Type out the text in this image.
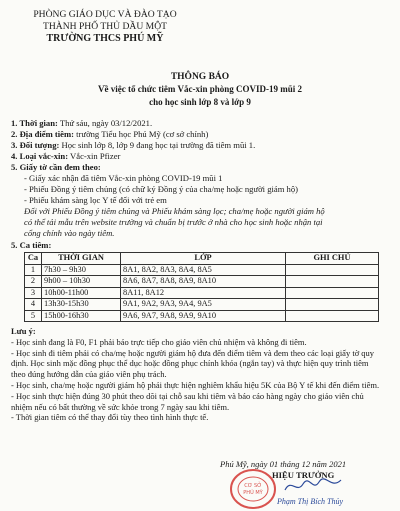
PHÒNG GIÁO DỤC VÀ ĐÀO TẠO
THÀNH PHỐ THỦ DẦU MỘT
TRƯỜNG THCS PHÚ MỸ
THÔNG BÁO
Về việc tổ chức tiêm Vắc-xin phòng COVID-19 mũi 2
cho học sinh lớp 8 và lớp 9
1. Thời gian: Thứ sáu, ngày 03/12/2021.
2. Địa điểm tiêm: trường Tiểu học Phú Mỹ (cơ sở chính)
3. Đối tượng: Học sinh lớp 8, lớp 9 đang học tại trường đã tiêm mũi 1.
4. Loại vắc-xin: Vắc-xin Pfizer
5. Giấy tờ cần đem theo:
- Giấy xác nhận đã tiêm Vắc-xin phòng COVID-19 mũi 1
- Phiếu Đồng ý tiêm chủng (có chữ ký Đồng ý của cha/mẹ hoặc người giám hộ)
- Phiếu khám sàng lọc Y tế đối với trẻ em
Đối với Phiếu Đồng ý tiêm chủng và Phiếu khám sàng lọc; cha/mẹ hoặc người giám hộ
có thể tải mẫu trên website trường và chuẩn bị trước ở nhà cho học sinh hoặc nhận tại
cổng chính vào ngày tiêm.
5. Ca tiêm:
Ca	THỜI GIAN	LỚP	GHI CHÚ
1	7h30 – 9h30	8A1, 8A2, 8A3, 8A4, 8A5	
2	9h00 – 10h30	8A6, 8A7, 8A8, 8A9, 8A10	
3	10h00-11h00	8A11, 8A12	
4	13h30-15h30	9A1, 9A2, 9A3, 9A4, 9A5	
5	15h00-16h30	9A6, 9A7, 9A8, 9A9, 9A10	

Lưu ý:

- Học sinh đang là F0, F1 phải báo trực tiếp cho giáo viên chủ nhiệm và không đi tiêm.

- Học sinh đi tiêm phải có cha/mẹ hoặc người giám hộ đưa đến điểm tiêm và đem theo các loại giấy tờ quy định. Học sinh mặc đồng phục thể dục hoặc đồng phục chính khóa (ngắn tay) và thực hiện quy trình tiêm theo đúng hướng dẫn của giáo viên phụ trách.

- Học sinh, cha/mẹ hoặc người giám hộ phải thực hiện nghiêm khẩu hiệu 5K của Bộ Y tế khi đến điểm tiêm.

- Học sinh thực hiện đúng 30 phút theo dõi tại chỗ sau khi tiêm và báo cáo hàng ngày cho giáo viên chủ nhiệm nếu có bất thường về sức khỏe trong 7 ngày sau khi tiêm.

- Thời gian tiêm có thể thay đổi tùy theo tình hình thực tế.

Phú Mỹ, ngày 01 tháng 12 năm 2021
HIỆU TRƯỞNG
CƠ SỞ
PHÚ MỸ
Phạm Thị Bích Thủy
